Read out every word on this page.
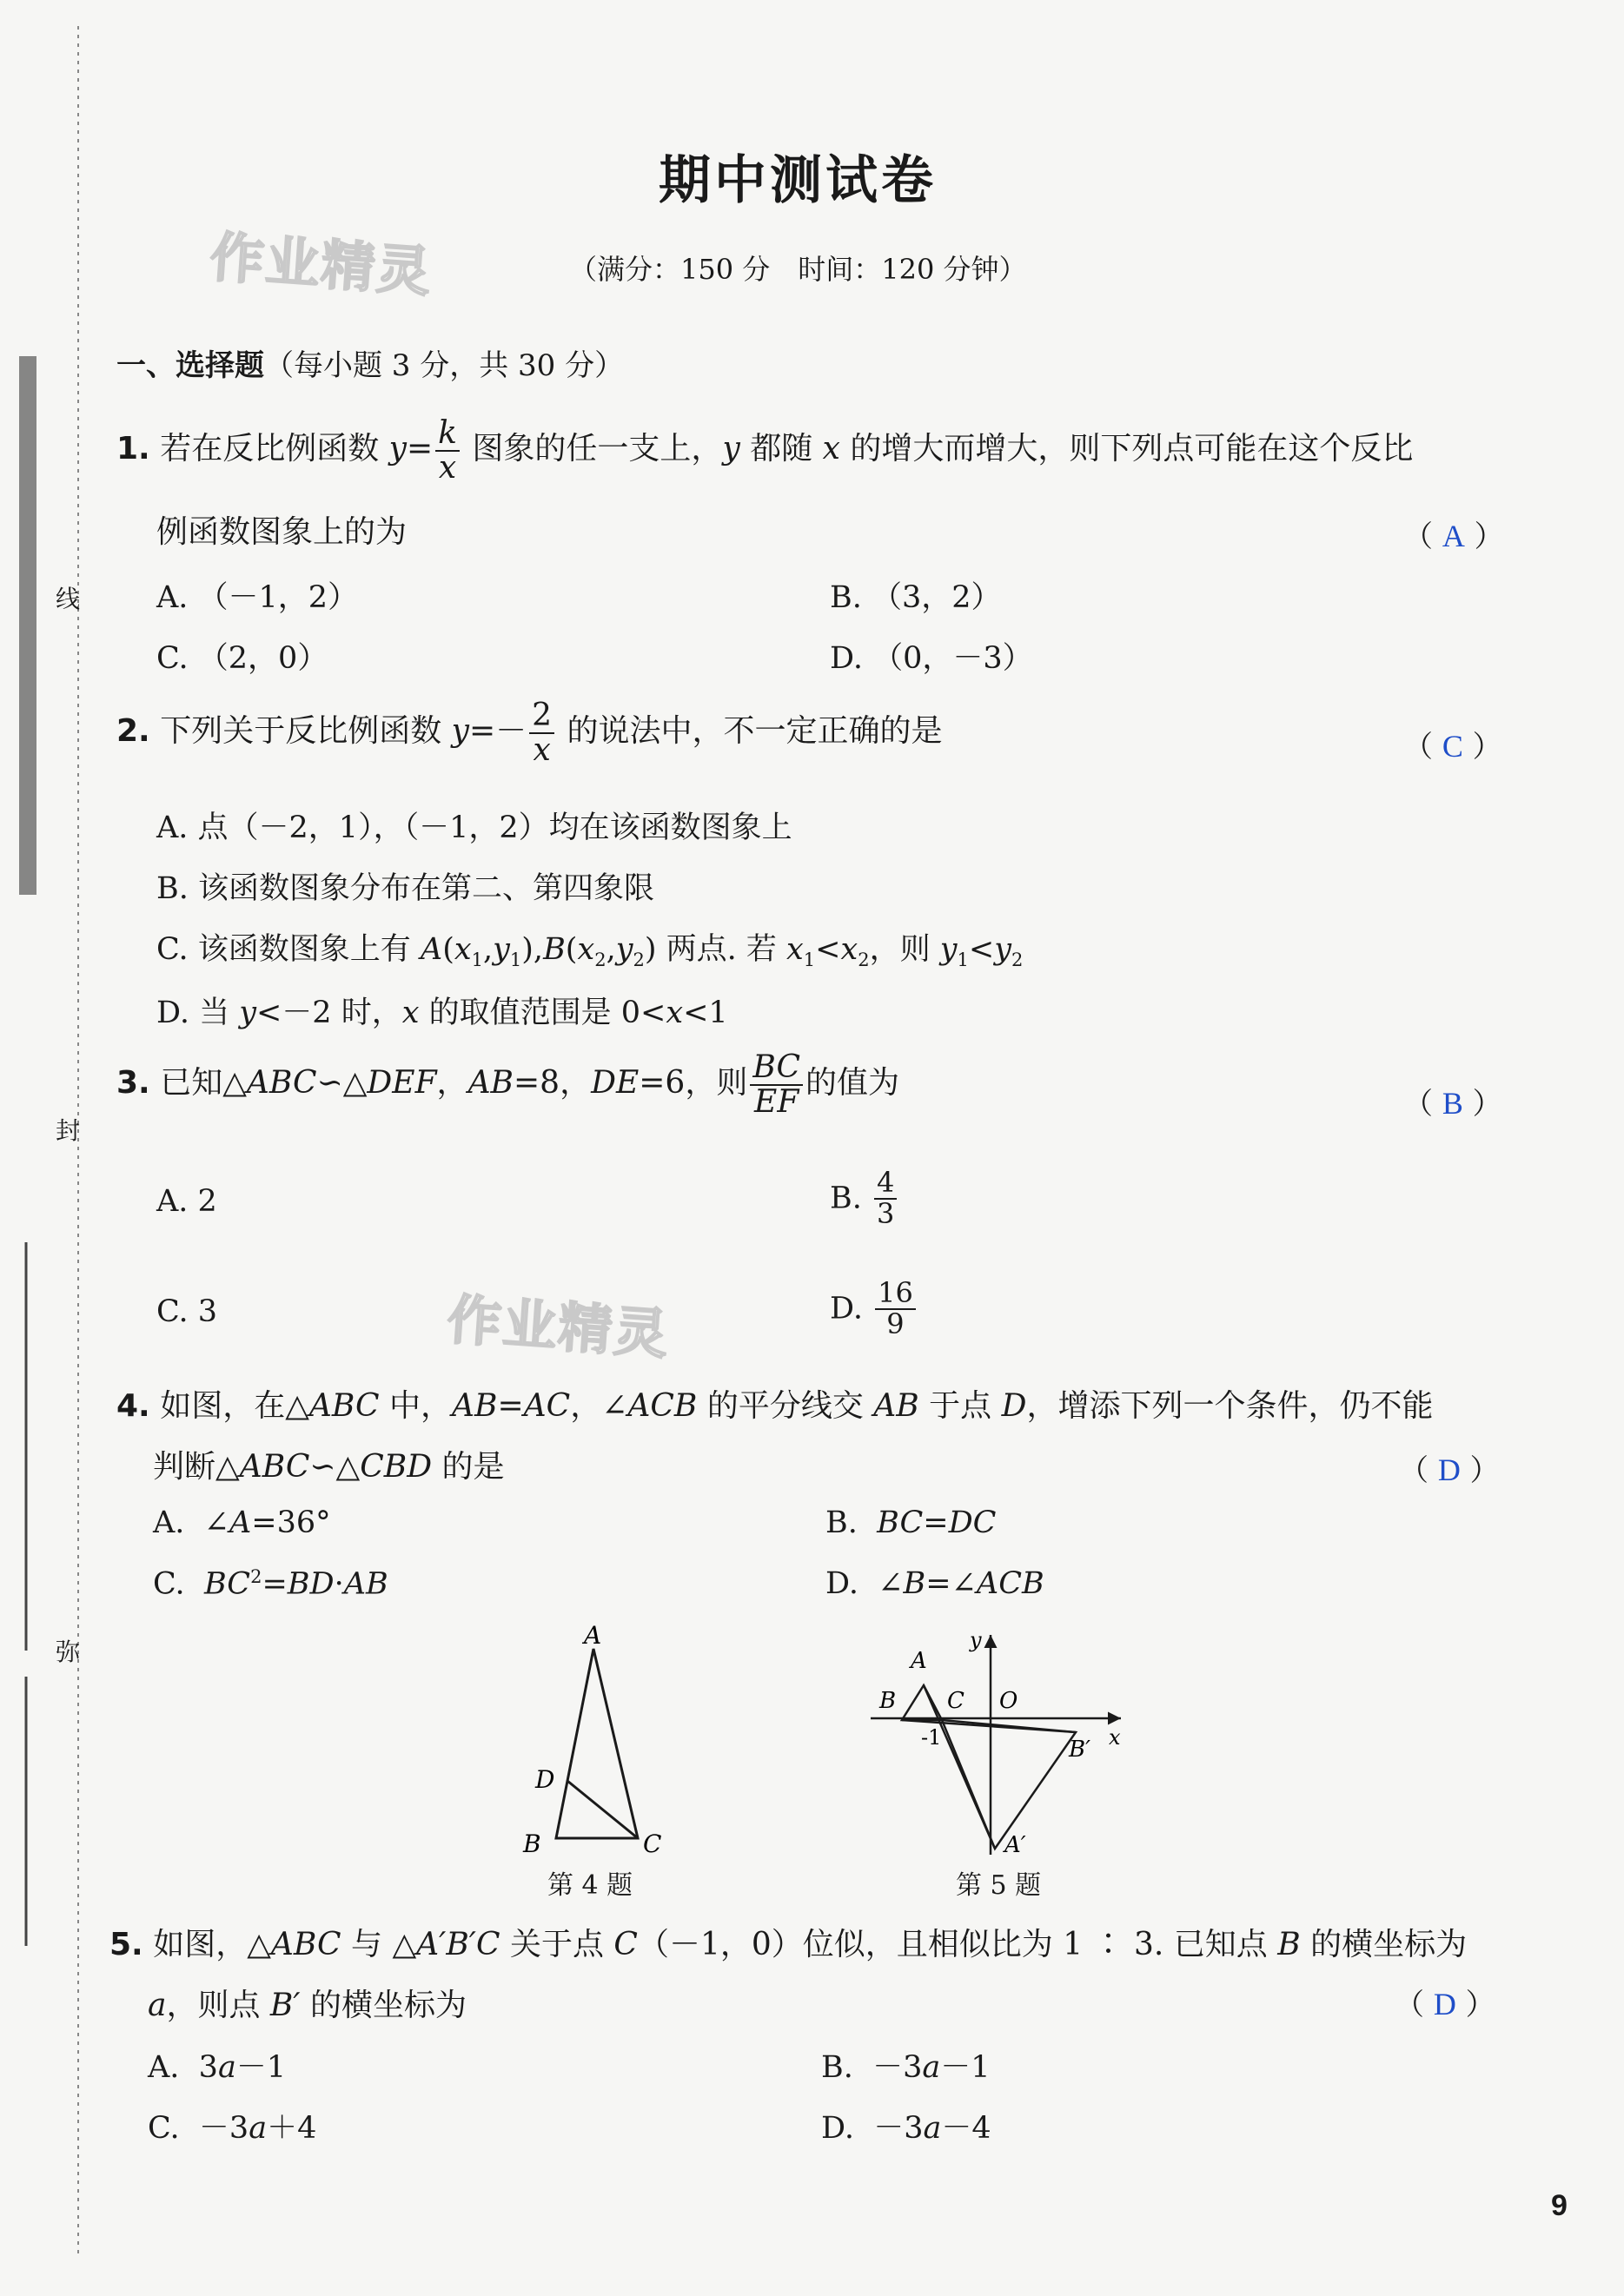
线
封
弥
期中测试卷
（满分：150 分　时间：120 分钟）
作业精灵
作业精灵
一、选择题（每小题 3 分，共 30 分）
1. 若在反比例函数 $y= \frac{k}{x}$ 图象的任一支上，y 都随 x 的增大而增大，则下列点可能在这个反比
例函数图象上的为	（ A ）
A. （－1，2）	B. （3，2）
C. （2，0）	D. （0，－3）
2. 下列关于反比例函数 $y=- \frac{2}{x}$ 的说法中，不一定正确的是	（ C ）
A. 点（－2，1），（－1，2）均在该函数图象上
B. 该函数图象分布在第二、第四象限
C. 该函数图象上有 $A(x_1,y_1),B(x_2,y_2)$ 两点. 若 $x_1<x_2$，则 $y_1<y_2$
D. 当 y<－2 时，x 的取值范围是 0<x<1
3. 已知△ABC∽△DEF，AB=8，DE=6，则 $\frac{BC}{EF}$ 的值为
（ B ）
A. 2	B. $\frac{4}{3}$
C. 3	D. $\frac{16}{9}$
4. 如图，在△ABC 中，AB=AC，∠ACB 的平分线交 AB 于点 D，增添下列一个条件，仍不能
判断△ABC∽△CBD 的是	（ D ）
A.  ∠A=36°	B. BC=DC
C. $BC^2=BD\cdot AB$	D.  ∠B=∠ACB
A
D
B	C
第 4 题
A
B C O
y
x
-1	B′
A′
第 5 题
5. 如图，△ABC 与 △A′B′C 关于点 C（－1，0）位似，且相似比为 1 ∶ 3. 已知点 B 的横坐标为
a，则点 B′ 的横坐标为	（ D ）
A.  3a－1	B.  －3a－1
C.  －3a＋4	D.  －3a－4
9
